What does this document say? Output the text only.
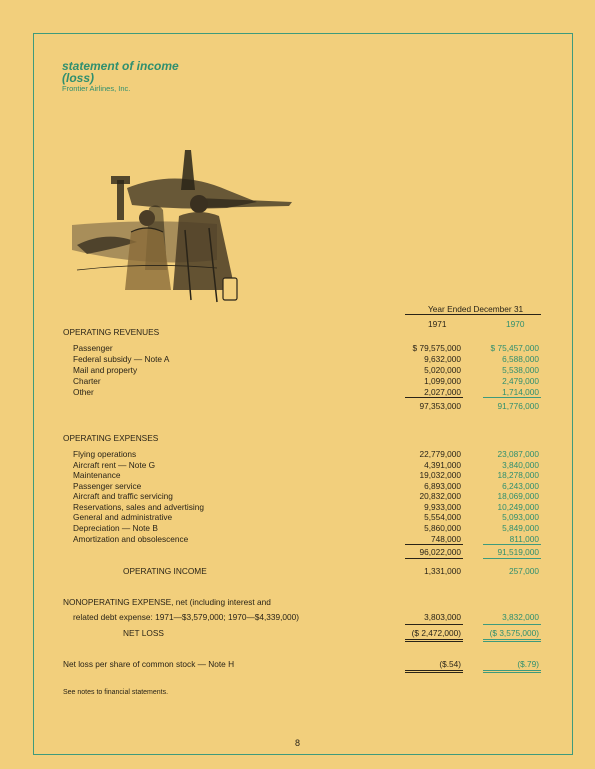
statement of income
(loss)
Frontier Airlines, Inc.
Year Ended December 31
1971	1970
OPERATING REVENUES
Passenger	$ 79,575,000	$ 75,457,000
Federal subsidy — Note A	9,632,000	6,588,000
Mail and property	5,020,000	5,538,000
Charter	1,099,000	2,479,000
Other	2,027,000	1,714,000
97,353,000	91,776,000
OPERATING EXPENSES
Flying operations	22,779,000	23,087,000
Aircraft rent — Note G	4,391,000	3,840,000
Maintenance	19,032,000	18,278,000
Passenger service	6,893,000	6,243,000
Aircraft and traffic servicing	20,832,000	18,069,000
Reservations, sales and advertising	9,933,000	10,249,000
General and administrative	5,554,000	5,093,000
Depreciation — Note B	5,860,000	5,849,000
Amortization and obsolescence	748,000	811,000
96,022,000	91,519,000
OPERATING INCOME	1,331,000	257,000
NONOPERATING EXPENSE, net (including interest and
related debt expense: 1971—$3,579,000; 1970—$4,339,000)	3,803,000	3,832,000
NET LOSS	($ 2,472,000)	($ 3,575,000)
Net loss per share of common stock — Note H	($.54)	($.79)
See notes to financial statements.
8
